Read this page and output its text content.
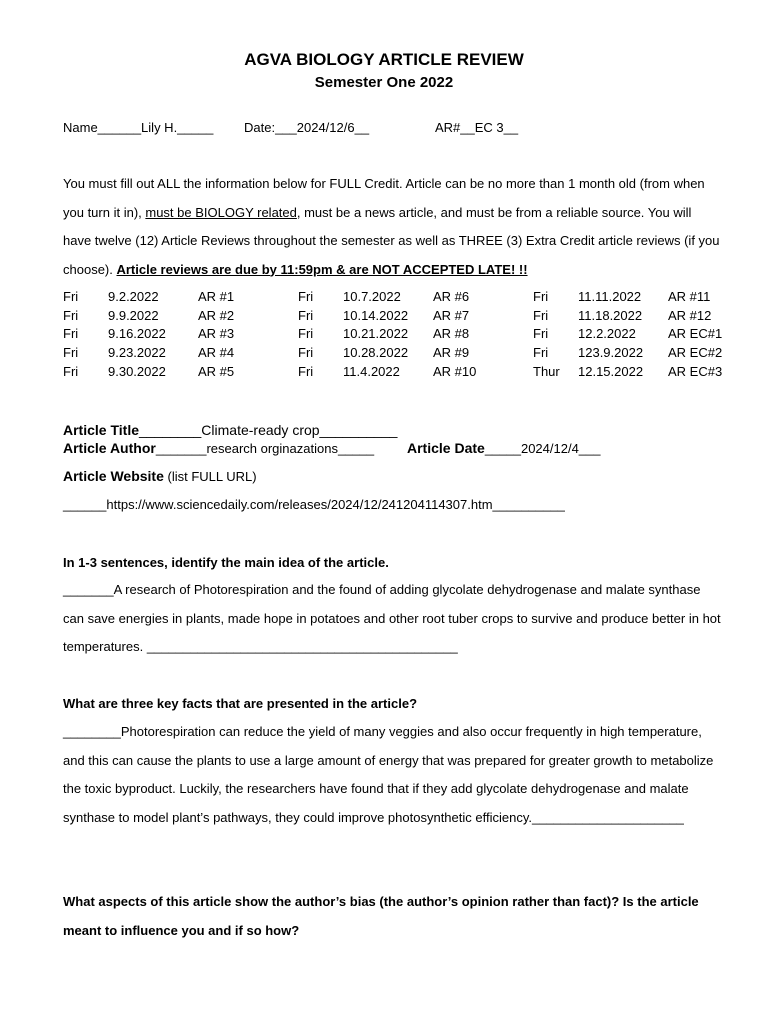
AGVA BIOLOGY ARTICLE REVIEW
Semester One 2022
Name______Lily H._____ Date:___2024/12/6__	AR#__EC 3__
You must fill out ALL the information below for FULL Credit. Article can be no more than 1 month old (from when you turn it in), must be BIOLOGY related, must be a news article, and must be from a reliable source. You will have twelve (12) Article Reviews throughout the semester as well as THREE (3) Extra Credit article reviews (if you choose). Article reviews are due by 11:59pm & are NOT ACCEPTED LATE! !!
Fri 9.2.2022	AR #1	Fri 10.7.2022 AR #6	Fri 11.11.2022 AR #11
Fri 9.9.2022	AR #2	Fri 10.14.2022 AR #7	Fri 11.18.2022 AR #12
Fri 9.16.2022 AR #3	Fri 10.21.2022 AR #8	Fri 12.2.2022 AR EC#1
Fri 9.23.2022 AR #4	Fri 10.28.2022 AR #9	Fri 123.9.2022 AR EC#2
Fri 9.30.2022 AR #5	Fri 11.4.2022	AR #10	Thur 12.15.2022 AR EC#3
Article Title________Climate-ready crop__________
Article Author_______research orginazations_____ Article Date_____2024/12/4___
Article Website (list FULL URL)
______https://www.sciencedaily.com/releases/2024/12/241204114307.htm__________
In 1-3 sentences, identify the main idea of the article.
_______A research of Photorespiration and the found of adding glycolate dehydrogenase and malate synthase can save energies in plants, made hope in potatoes and other root tuber crops to survive and produce better in hot temperatures. ___________________________________________
What are three key facts that are presented in the article?
________Photorespiration can reduce the yield of many veggies and also occur frequently in high temperature, and this can cause the plants to use a large amount of energy that was prepared for greater growth to metabolize the toxic byproduct. Luckily, the researchers have found that if they add glycolate dehydrogenase and malate synthase to model plant’s pathways, they could improve photosynthetic efficiency._____________________
What aspects of this article show the author’s bias (the author’s opinion rather than fact)? Is the article meant to influence you and if so how?
